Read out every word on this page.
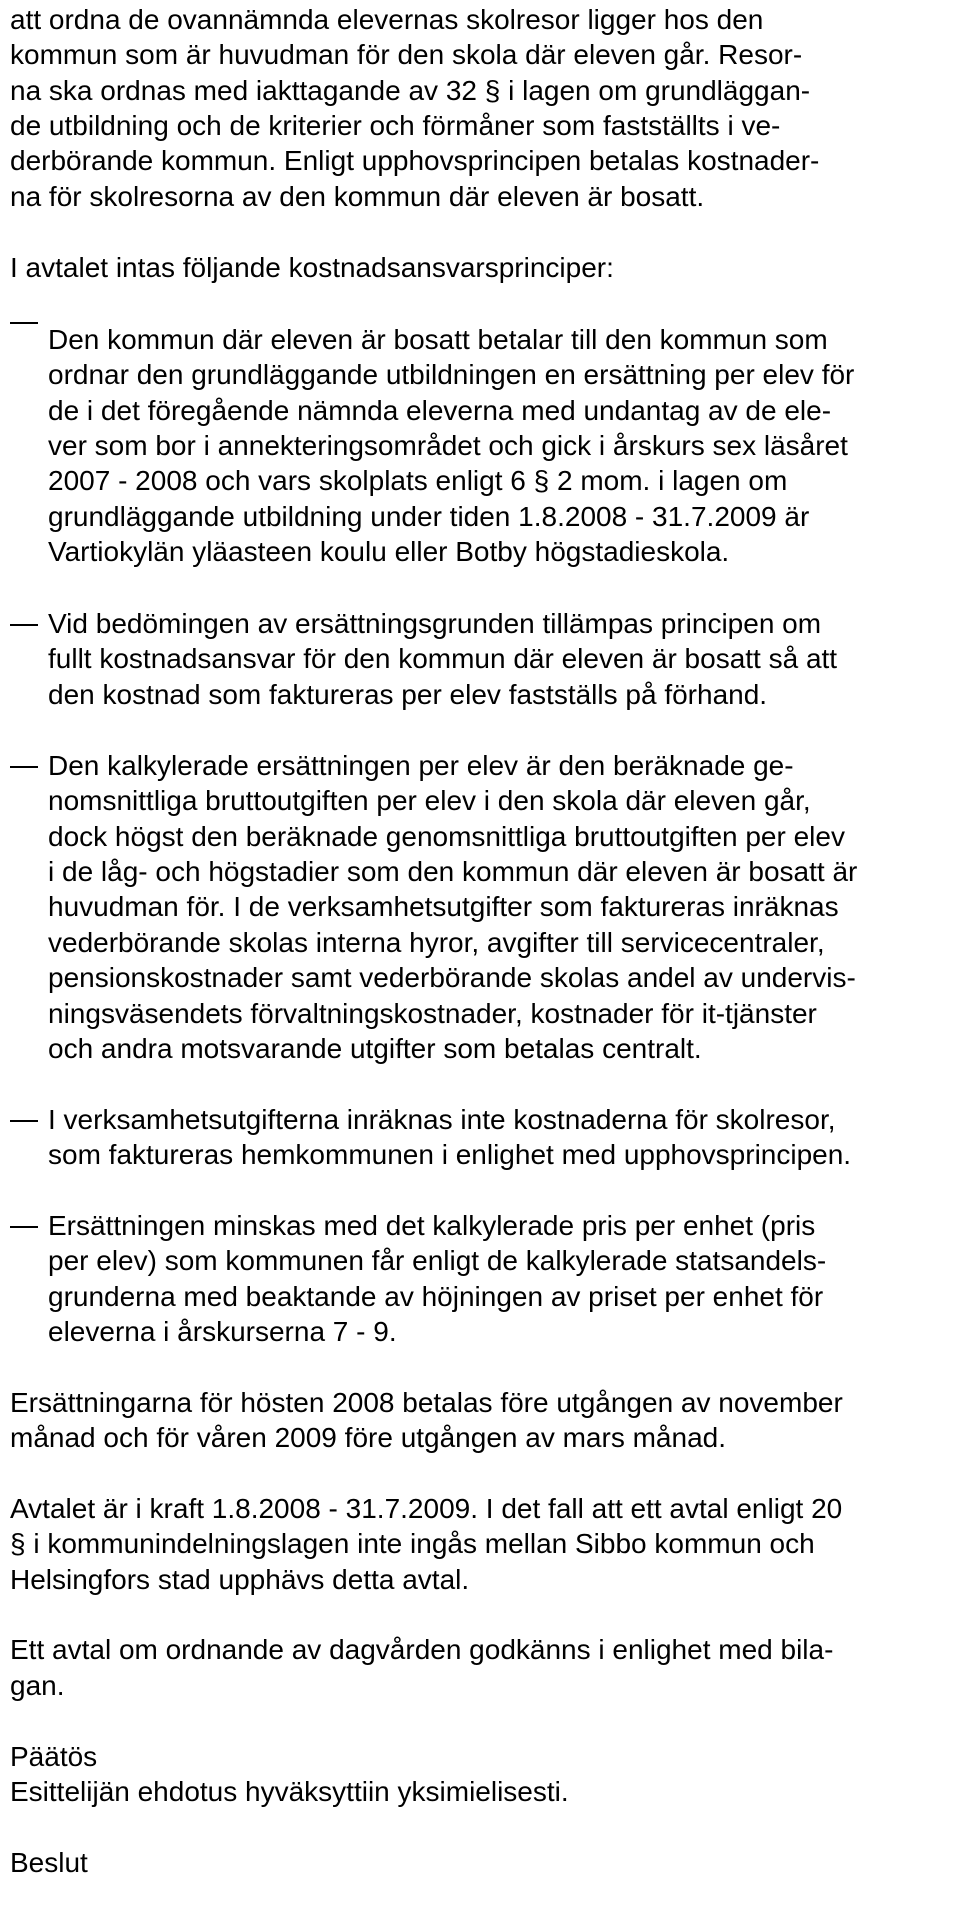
att ordna de ovannämnda elevernas skolresor ligger hos den
kommun som är huvudman för den skola där eleven går. Resor-
na ska ordnas med iakttagande av 32 § i lagen om grundläggan-
de utbildning och de kriterier och förmåner som fastställts i ve-
derbörande kommun. Enligt upphovsprincipen betalas kostnader-
na för skolresorna av den kommun där eleven är bosatt.
I avtalet intas följande kostnadsansvarsprinciper:
Den kommun där eleven är bosatt betalar till den kommun som
ordnar den grundläggande utbildningen en ersättning per elev för
de i det föregående nämnda eleverna med undantag av de ele-
ver som bor i annekteringsområdet och gick i årskurs sex läsåret
2007 - 2008 och vars skolplats enligt 6 § 2 mom. i lagen om
grundläggande utbildning under tiden 1.8.2008 - 31.7.2009 är
Vartiokylän yläasteen koulu eller Botby högstadieskola.
Vid bedömingen av ersättningsgrunden tillämpas principen om
fullt kostnadsansvar för den kommun där eleven är bosatt så att
den kostnad som faktureras per elev fastställs på förhand.
Den kalkylerade ersättningen per elev är den beräknade ge-
nomsnittliga bruttoutgiften per elev i den skola där eleven går,
dock högst den beräknade genomsnittliga bruttoutgiften per elev
i de låg- och högstadier som den kommun där eleven är bosatt är
huvudman för. I de verksamhetsutgifter som faktureras inräknas
vederbörande skolas interna hyror, avgifter till servicecentraler,
pensionskostnader samt vederbörande skolas andel av undervis-
ningsväsendets förvaltningskostnader, kostnader för it-tjänster
och andra motsvarande utgifter som betalas centralt.
I verksamhetsutgifterna inräknas inte kostnaderna för skolresor,
som faktureras hemkommunen i enlighet med upphovsprincipen.
Ersättningen minskas med det kalkylerade pris per enhet (pris
per elev) som kommunen får enligt de kalkylerade statsandels-
grunderna med beaktande av höjningen av priset per enhet för
eleverna i årskurserna 7 - 9.
Ersättningarna för hösten 2008 betalas före utgången av november
månad och för våren 2009 före utgången av mars månad.
Avtalet är i kraft 1.8.2008 - 31.7.2009. I det fall att ett avtal enligt 20
§ i kommunindelningslagen inte ingås mellan Sibbo kommun och
Helsingfors stad upphävs detta avtal.
Ett avtal om ordnande av dagvården godkänns i enlighet med bila-
gan.
Päätös
Esittelijän ehdotus hyväksyttiin yksimielisesti.
Beslut
